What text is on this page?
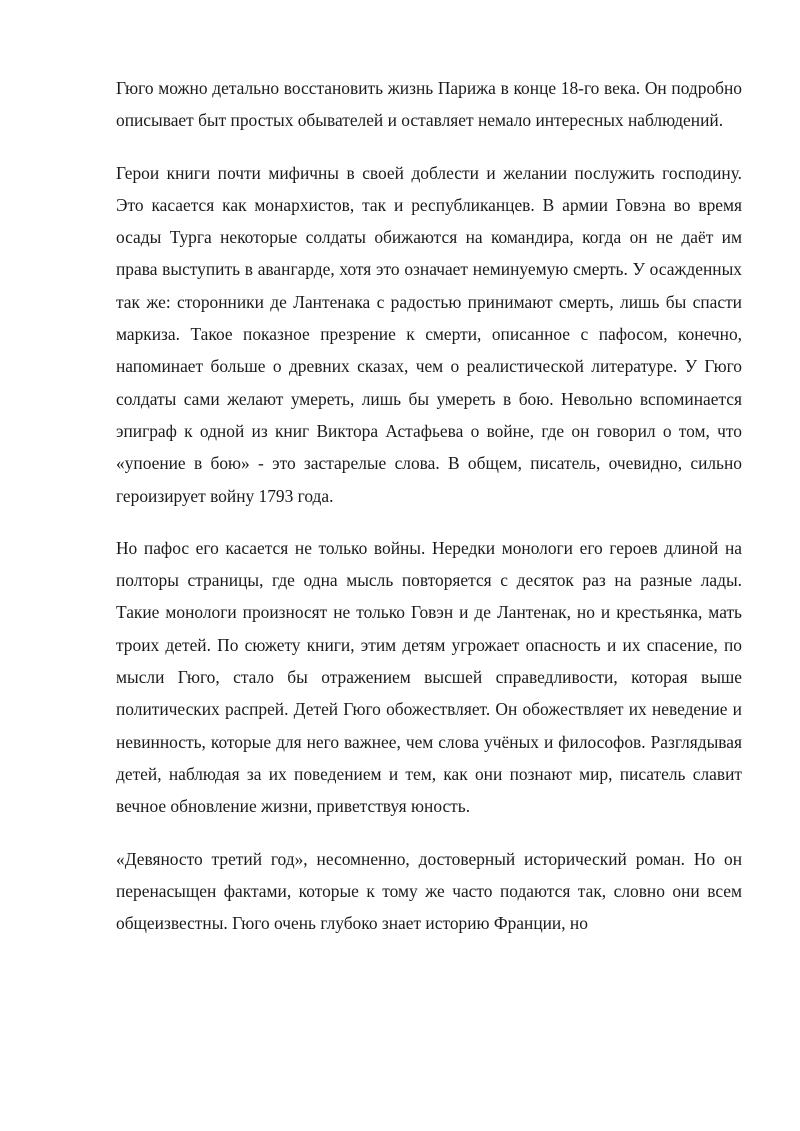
Гюго можно детально восстановить жизнь Парижа в конце 18-го века. Он подробно описывает быт простых обывателей и оставляет немало интересных наблюдений.

Герои книги почти мифичны в своей доблести и желании послужить господину. Это касается как монархистов, так и республиканцев. В армии Говэна во время осады Турга некоторые солдаты обижаются на командира, когда он не даёт им права выступить в авангарде, хотя это означает неминуемую смерть. У осажденных так же: сторонники де Лантенака с радостью принимают смерть, лишь бы спасти маркиза. Такое показное презрение к смерти, описанное с пафосом, конечно, напоминает больше о древних сказах, чем о реалистической литературе. У Гюго солдаты сами желают умереть, лишь бы умереть в бою. Невольно вспоминается эпиграф к одной из книг Виктора Астафьева о войне, где он говорил о том, что «упоение в бою» - это застарелые слова. В общем, писатель, очевидно, сильно героизирует войну 1793 года.

Но пафос его касается не только войны. Нередки монологи его героев длиной на полторы страницы, где одна мысль повторяется с десяток раз на разные лады. Такие монологи произносят не только Говэн и де Лантенак, но и крестьянка, мать троих детей. По сюжету книги, этим детям угрожает опасность и их спасение, по мысли Гюго, стало бы отражением высшей справедливости, которая выше политических распрей. Детей Гюго обожествляет. Он обожествляет их неведение и невинность, которые для него важнее, чем слова учёных и философов. Разглядывая детей, наблюдая за их поведением и тем, как они познают мир, писатель славит вечное обновление жизни, приветствуя юность.

«Девяносто третий год», несомненно, достоверный исторический роман. Но он перенасыщен фактами, которые к тому же часто подаются так, словно они всем общеизвестны. Гюго очень глубоко знает историю Франции, но
